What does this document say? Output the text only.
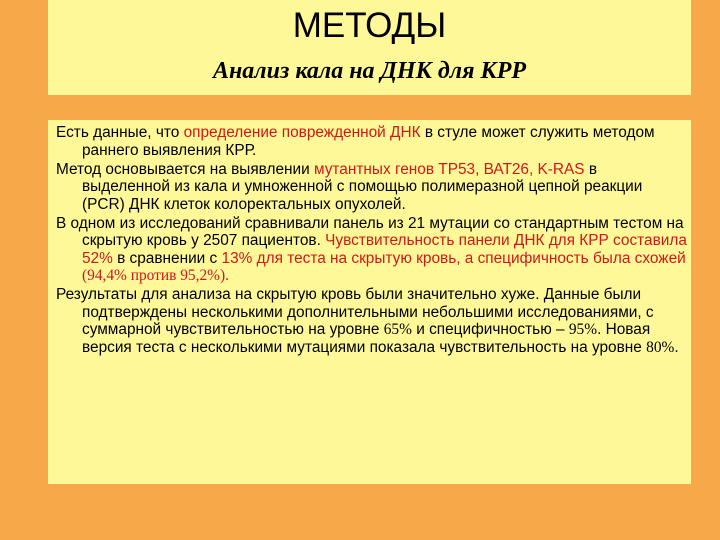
МЕТОДЫ
Анализ кала на ДНК для КРР

Есть данные, что определение поврежденной ДНК в стуле может служить методом раннего выявления КРР.

Метод основывается на выявлении мутантных генов ТР53, ВАТ26, K-RAS в выделенной из кала и умноженной с помощью полимеразной цепной реакции (PCR) ДНК клеток колоректальных опухолей.

В одном из исследований сравнивали панель из 21 мутации со стандартным тестом на скрытую кровь у 2507 пациентов. Чувствительность панели ДНК для КРР составила 52% в сравнении с 13% для теста на скрытую кровь, а специфичность была схожей (94,4% против 95,2%).

Результаты для анализа на скрытую кровь были значительно хуже. Данные были подтверждены несколькими дополнительными небольшими исследованиями, с суммарной чувствительностью на уровне 65% и специфичностью – 95%. Новая версия теста с несколькими мутациями показала чувствительность на уровне 80%.
